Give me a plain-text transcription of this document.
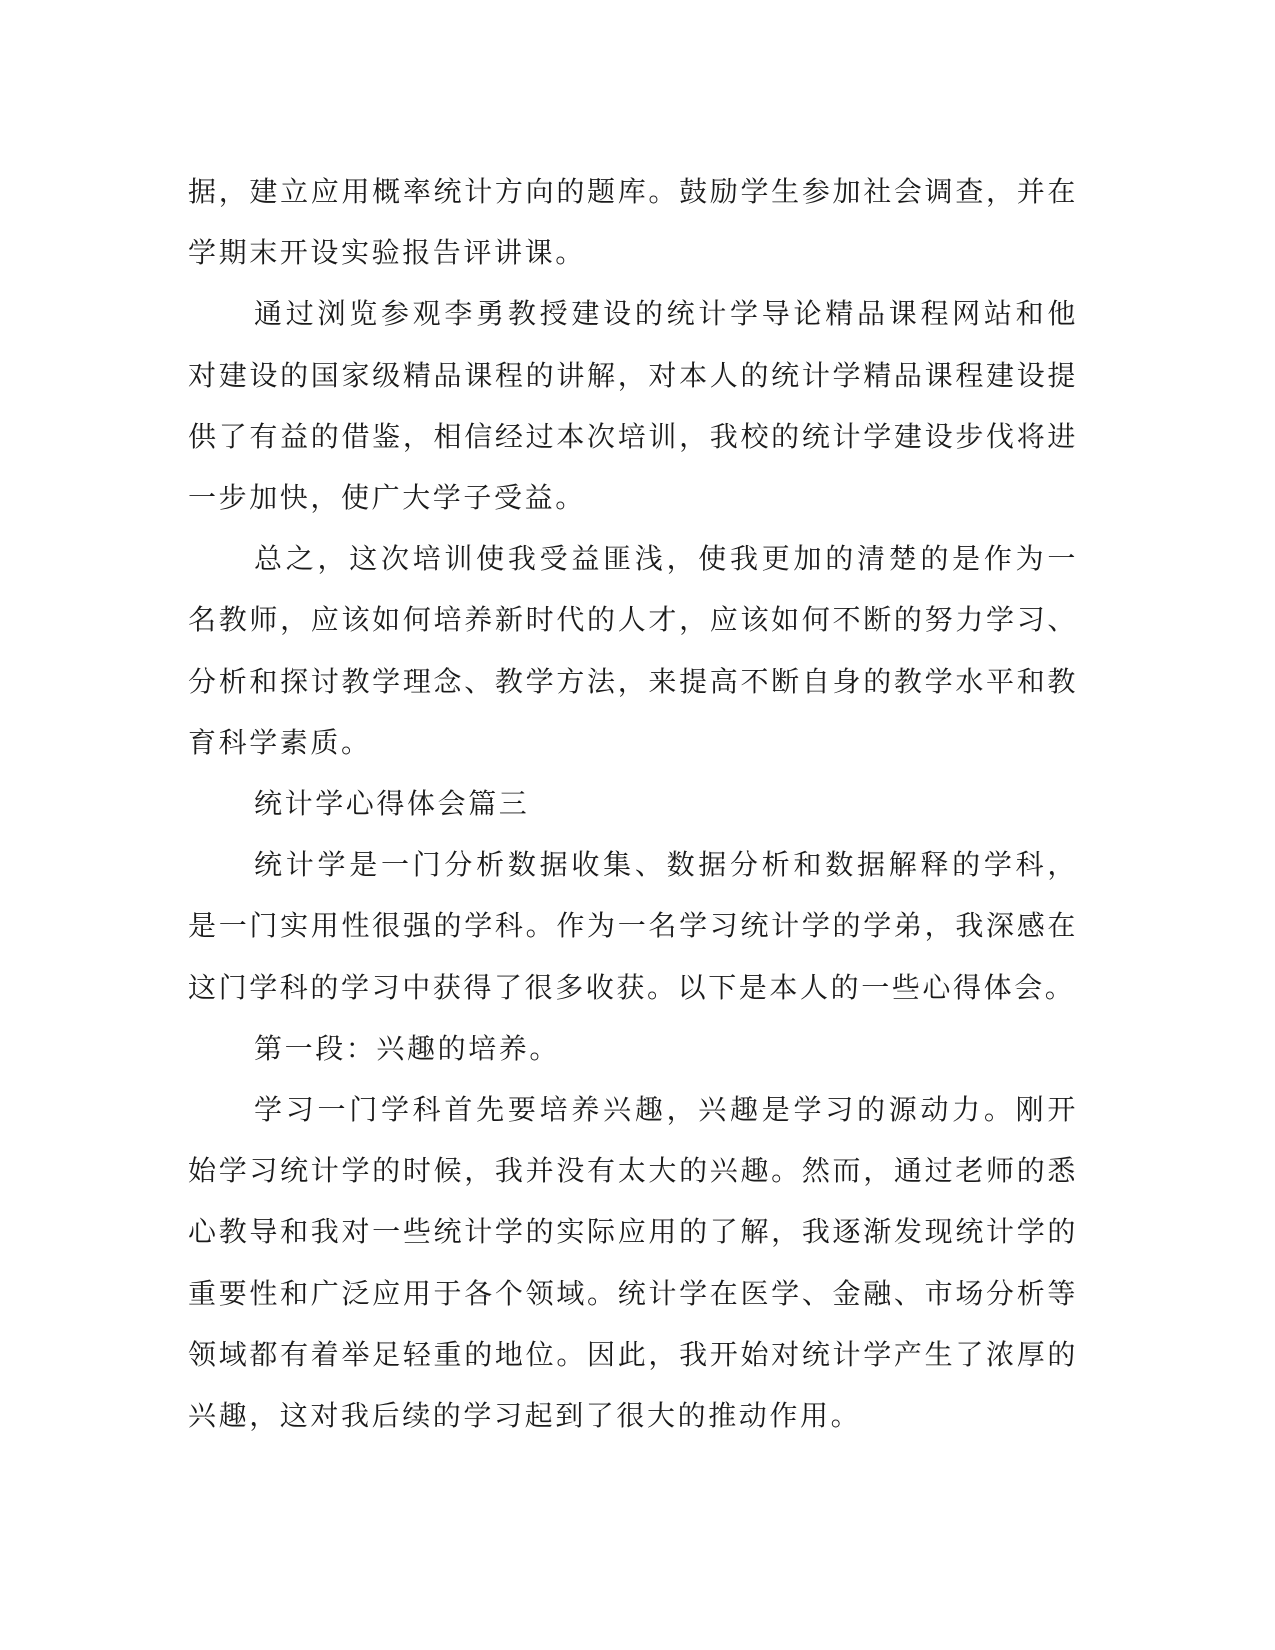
据，建立应用概率统计方向的题库。鼓励学生参加社会调查，并在学期末开设实验报告评讲课。

通过浏览参观李勇教授建设的统计学导论精品课程网站和他对建设的国家级精品课程的讲解，对本人的统计学精品课程建设提供了有益的借鉴，相信经过本次培训，我校的统计学建设步伐将进一步加快，使广大学子受益。

总之，这次培训使我受益匪浅，使我更加的清楚的是作为一名教师，应该如何培养新时代的人才，应该如何不断的努力学习、分析和探讨教学理念、教学方法，来提高不断自身的教学水平和教育科学素质。

统计学心得体会篇三

统计学是一门分析数据收集、数据分析和数据解释的学科，是一门实用性很强的学科。作为一名学习统计学的学弟，我深感在这门学科的学习中获得了很多收获。以下是本人的一些心得体会。

第一段：兴趣的培养。

学习一门学科首先要培养兴趣，兴趣是学习的源动力。刚开始学习统计学的时候，我并没有太大的兴趣。然而，通过老师的悉心教导和我对一些统计学的实际应用的了解，我逐渐发现统计学的重要性和广泛应用于各个领域。统计学在医学、金融、市场分析等领域都有着举足轻重的地位。因此，我开始对统计学产生了浓厚的兴趣，这对我后续的学习起到了很大的推动作用。
